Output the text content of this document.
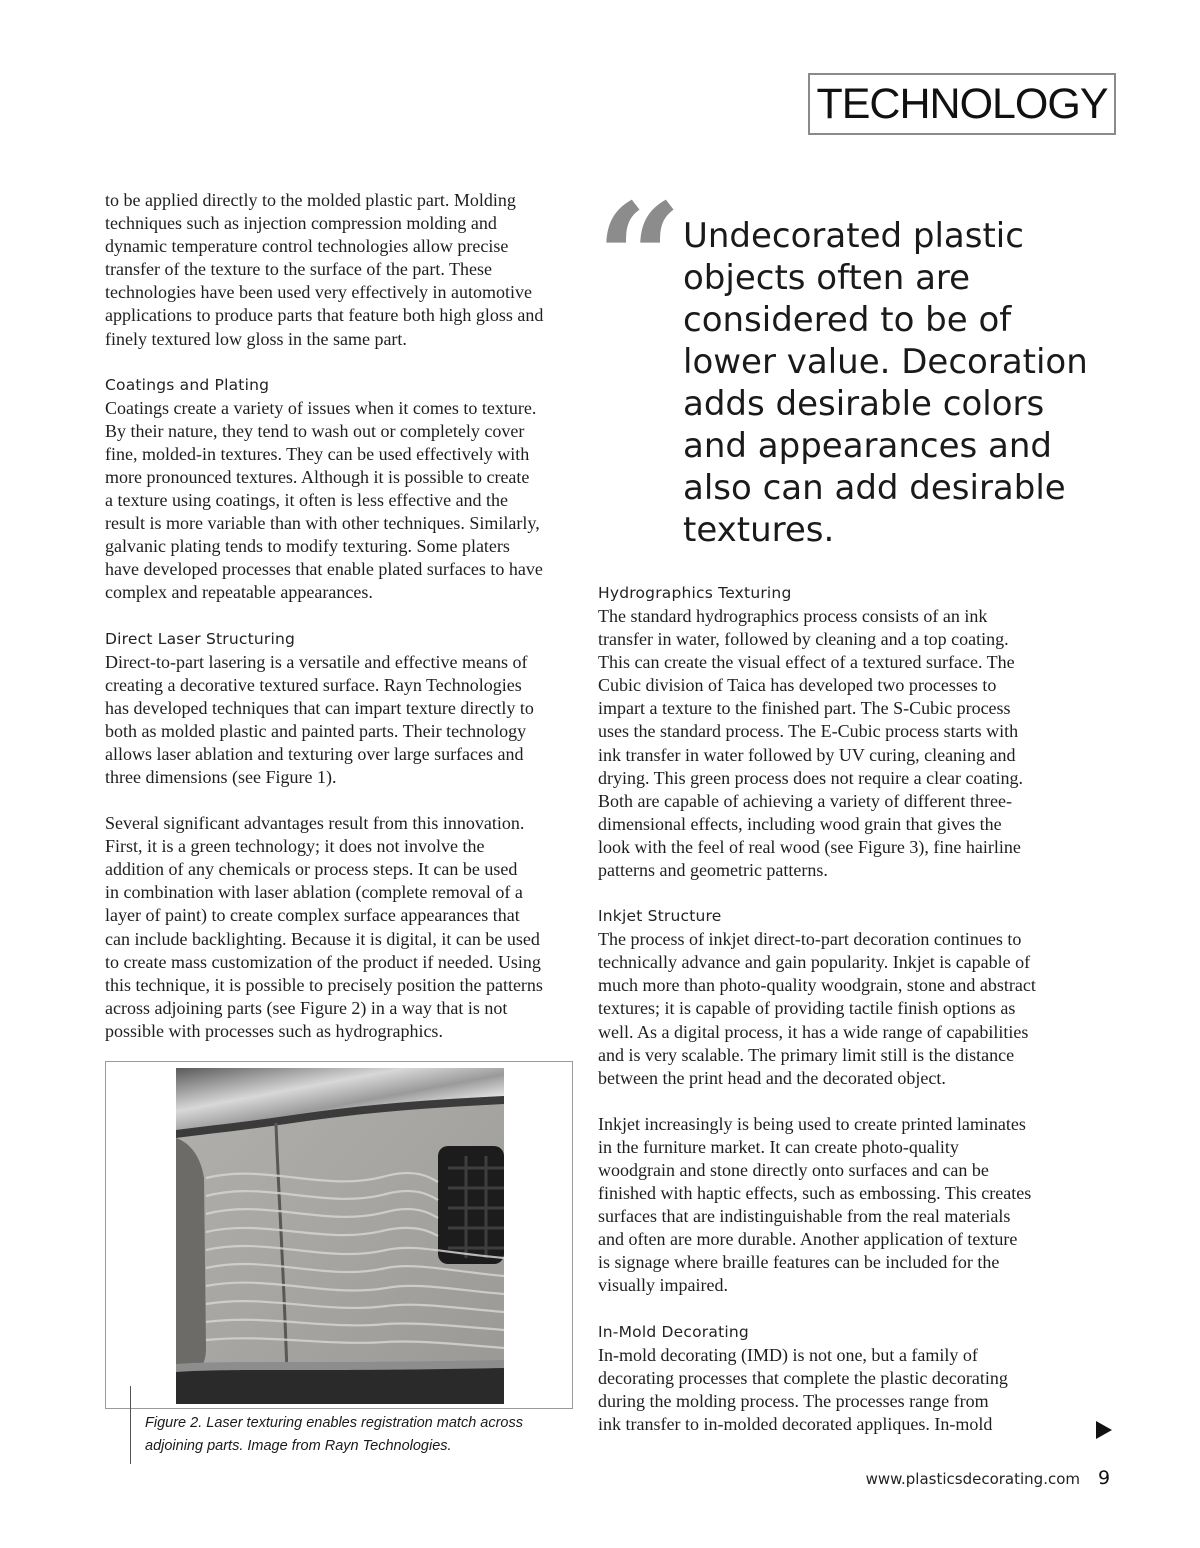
TECHNOLOGY

to be applied directly to the molded plastic part. Molding

techniques such as injection compression molding and

dynamic temperature control technologies allow precise

transfer of the texture to the surface of the part. These

technologies have been used very effectively in automotive

applications to produce parts that feature both high gloss and

finely textured low gloss in the same part.

Coatings and Plating

Coatings create a variety of issues when it comes to texture.

By their nature, they tend to wash out or completely cover

fine, molded-in textures. They can be used effectively with

more pronounced textures. Although it is possible to create

a texture using coatings, it often is less effective and the

result is more variable than with other techniques. Similarly,

galvanic plating tends to modify texturing. Some platers

have developed processes that enable plated surfaces to have

complex and repeatable appearances.

Direct Laser Structuring

Direct-to-part lasering is a versatile and effective means of

creating a decorative textured surface. Rayn Technologies

has developed techniques that can impart texture directly to

both as molded plastic and painted parts. Their technology

allows laser ablation and texturing over large surfaces and

three dimensions (see Figure 1).

Several significant advantages result from this innovation.

First, it is a green technology; it does not involve the

addition of any chemicals or process steps. It can be used

in combination with laser ablation (complete removal of a

layer of paint) to create complex surface appearances that

can include backlighting. Because it is digital, it can be used

to create mass customization of the product if needed. Using

this technique, it is possible to precisely position the patterns

across adjoining parts (see Figure 2) in a way that is not

possible with processes such as hydrographics.

Figure 2. Laser texturing enables registration match across
adjoining parts. Image from Rayn Technologies.
“ Undecorated plastic
objects often are
considered to be of
lower value. Decoration
adds desirable colors
and appearances and
also can add desirable
textures.
Hydrographics Texturing

The standard hydrographics process consists of an ink

transfer in water, followed by cleaning and a top coating.

This can create the visual effect of a textured surface. The

Cubic division of Taica has developed two processes to

impart a texture to the finished part. The S-Cubic process

uses the standard process. The E-Cubic process starts with

ink transfer in water followed by UV curing, cleaning and

drying. This green process does not require a clear coating.

Both are capable of achieving a variety of different three-

dimensional effects, including wood grain that gives the

look with the feel of real wood (see Figure 3), fine hairline

patterns and geometric patterns.

Inkjet Structure

The process of inkjet direct-to-part decoration continues to

technically advance and gain popularity. Inkjet is capable of

much more than photo-quality woodgrain, stone and abstract

textures; it is capable of providing tactile finish options as

well. As a digital process, it has a wide range of capabilities

and is very scalable. The primary limit still is the distance

between the print head and the decorated object.

Inkjet increasingly is being used to create printed laminates

in the furniture market. It can create photo-quality

woodgrain and stone directly onto surfaces and can be

finished with haptic effects, such as embossing. This creates

surfaces that are indistinguishable from the real materials

and often are more durable. Another application of texture

is signage where braille features can be included for the

visually impaired.

In-Mold Decorating

In-mold decorating (IMD) is not one, but a family of

decorating processes that complete the plastic decorating

during the molding process. The processes range from

ink transfer to in-molded decorated appliques. In-mold

www.plasticsdecorating.com 9
